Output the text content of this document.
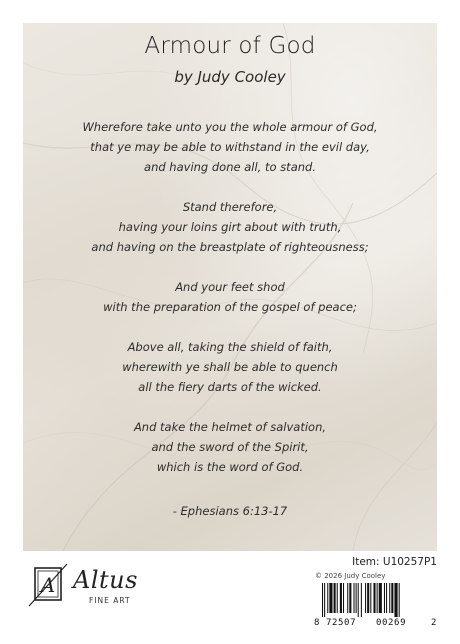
Armour of God
by Judy Cooley
Wherefore take unto you the whole armour of God,
that ye may be able to withstand in the evil day,
and having done all, to stand.
Stand therefore,
having your loins girt about with truth,
and having on the breastplate of righteousness;
And your feet shod
with the preparation of the gospel of peace;
Above all, taking the shield of faith,
wherewith ye shall be able to quench
all the fiery darts of the wicked.
And take the helmet of salvation,
and the sword of the Spirit,
which is the word of God.
- Ephesians 6:13-17
A Altus
FINE ART
Item: U10257P1
© 2026 Judy Cooley
8 72507 00269	2
